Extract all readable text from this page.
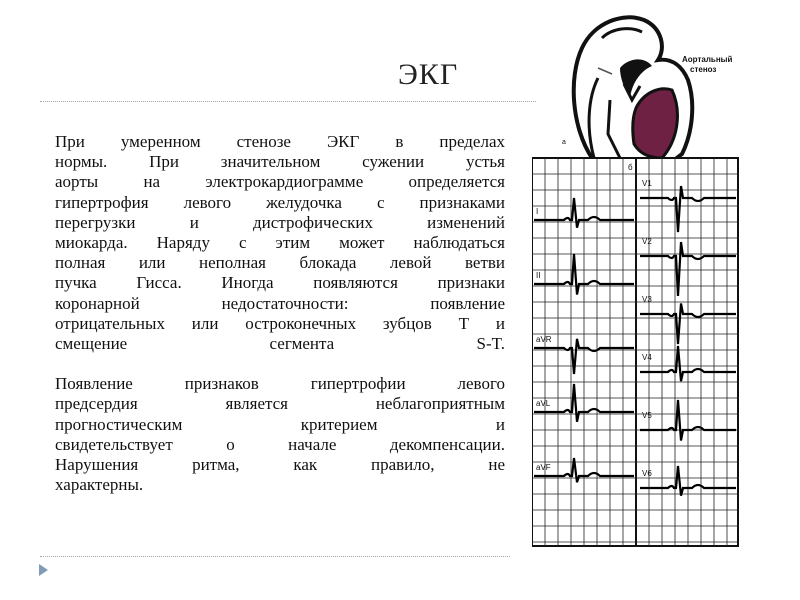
ЭКГ

При умеренном стенозе ЭКГ в пределах

нормы. При значительном сужении устья

аорты на электрокардиограмме определяется

гипертрофия левого желудочка с признаками

перегрузки и дистрофических изменений

миокарда. Наряду с этим может наблюдаться

полная или неполная блокада левой ветви

пучка Гисса. Иногда появляются признаки

коронарной недостаточности: появление

отрицательных или остроконечных зубцов Т и

смещение сегмента S-T.

Появление признаков гипертрофии левого

предсердия является неблагоприятным

прогностическим критерием и

свидетельствует о начале декомпенсации.

Нарушения ритма, как правило, не

характерны.

а
Аортальный
стеноз
б
I
II
aVR
aVL
aVF
V1
V2
V3
V4
V5
V6
